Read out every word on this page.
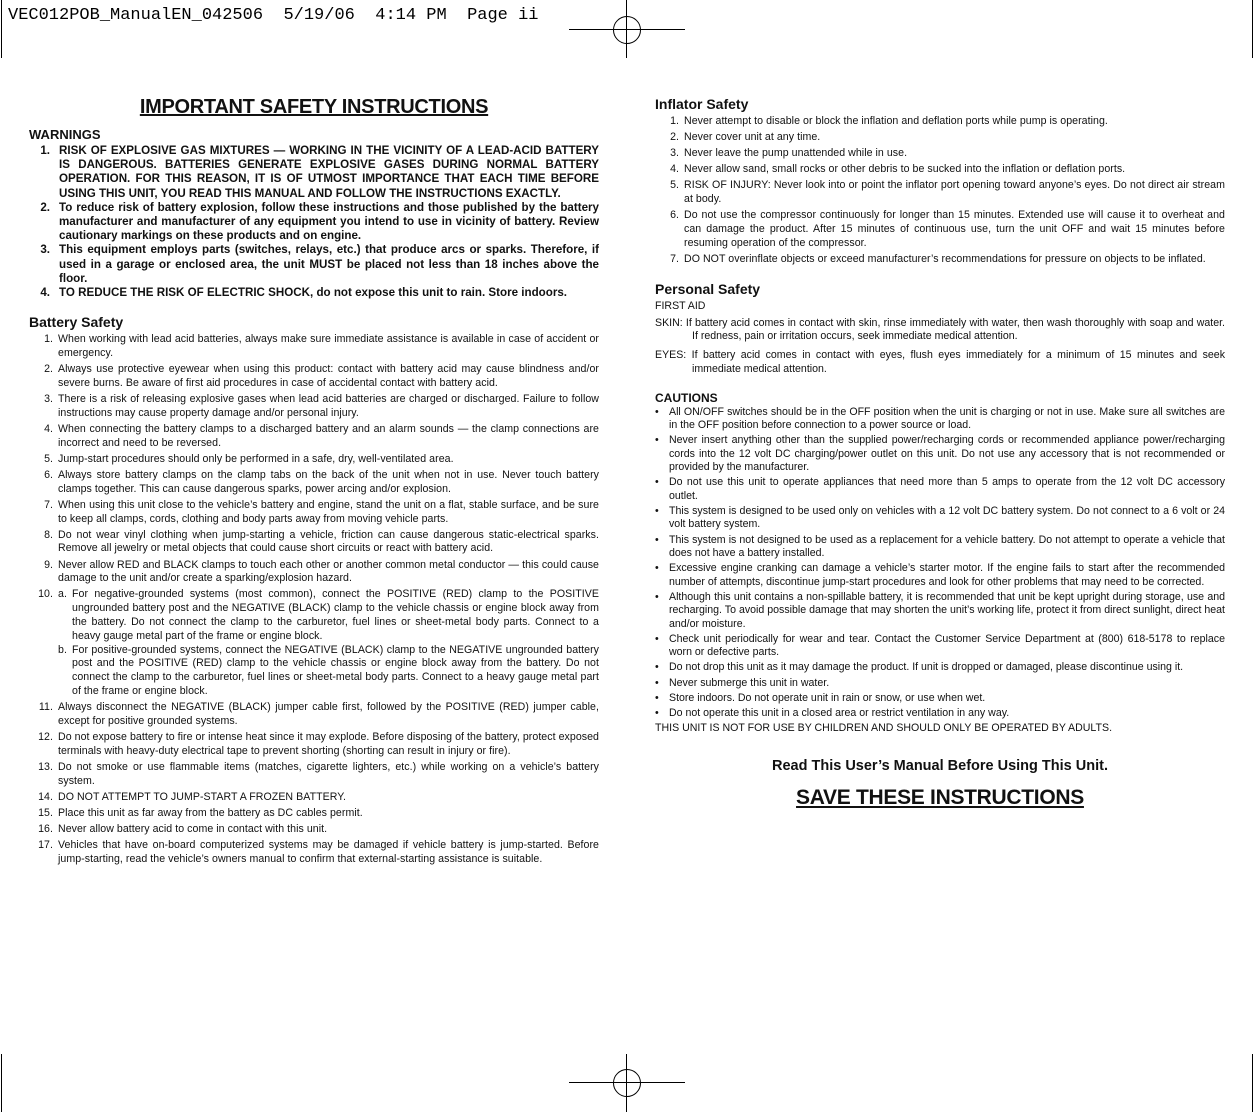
VEC012POB_ManualEN_042506  5/19/06  4:14 PM  Page ii
IMPORTANT SAFETY INSTRUCTIONS
WARNINGS
1. RISK OF EXPLOSIVE GAS MIXTURES — WORKING IN THE VICINITY OF A LEAD-ACID BATTERY IS DANGEROUS. BATTERIES GENERATE EXPLOSIVE GASES DURING NORMAL BATTERY OPERATION. FOR THIS REASON, IT IS OF UTMOST IMPORTANCE THAT EACH TIME BEFORE USING THIS UNIT, YOU READ THIS MANUAL AND FOLLOW THE INSTRUCTIONS EXACTLY.
2. To reduce risk of battery explosion, follow these instructions and those published by the battery manufacturer and manufacturer of any equipment you intend to use in vicinity of battery. Review cautionary markings on these products and on engine.
3. This equipment employs parts (switches, relays, etc.) that produce arcs or sparks. Therefore, if used in a garage or enclosed area, the unit MUST be placed not less than 18 inches above the floor.
4. TO REDUCE THE RISK OF ELECTRIC SHOCK, do not expose this unit to rain. Store indoors.
Battery Safety
1. When working with lead acid batteries, always make sure immediate assistance is available in case of accident or emergency.
2. Always use protective eyewear when using this product: contact with battery acid may cause blindness and/or severe burns. Be aware of first aid procedures in case of accidental contact with battery acid.
3. There is a risk of releasing explosive gases when lead acid batteries are charged or discharged. Failure to follow instructions may cause property damage and/or personal injury.
4. When connecting the battery clamps to a discharged battery and an alarm sounds — the clamp connections are incorrect and need to be reversed.
5. Jump-start procedures should only be performed in a safe, dry, well-ventilated area.
6. Always store battery clamps on the clamp tabs on the back of the unit when not in use. Never touch battery clamps together. This can cause dangerous sparks, power arcing and/or explosion.
7. When using this unit close to the vehicle’s battery and engine, stand the unit on a flat, stable surface, and be sure to keep all clamps, cords, clothing and body parts away from moving vehicle parts.
8. Do not wear vinyl clothing when jump-starting a vehicle, friction can cause dangerous static-electrical sparks. Remove all jewelry or metal objects that could cause short circuits or react with battery acid.
9. Never allow RED and BLACK clamps to touch each other or another common metal conductor — this could cause damage to the unit and/or create a sparking/explosion hazard.
10. a. For negative-grounded systems (most common), connect the POSITIVE (RED) clamp to the POSITIVE ungrounded battery post and the NEGATIVE (BLACK) clamp to the vehicle chassis or engine block away from the battery. Do not connect the clamp to the carburetor, fuel lines or sheet-metal body parts. Connect to a heavy gauge metal part of the frame or engine block.
b. For positive-grounded systems, connect the NEGATIVE (BLACK) clamp to the NEGATIVE ungrounded battery post and the POSITIVE (RED) clamp to the vehicle chassis or engine block away from the battery. Do not connect the clamp to the carburetor, fuel lines or sheet-metal body parts. Connect to a heavy gauge metal part of the frame or engine block.
11. Always disconnect the NEGATIVE (BLACK) jumper cable first, followed by the POSITIVE (RED) jumper cable, except for positive grounded systems.
12. Do not expose battery to fire or intense heat since it may explode. Before disposing of the battery, protect exposed terminals with heavy-duty electrical tape to prevent shorting (shorting can result in injury or fire).
13. Do not smoke or use flammable items (matches, cigarette lighters, etc.) while working on a vehicle’s battery system.
14. DO NOT ATTEMPT TO JUMP-START A FROZEN BATTERY.
15. Place this unit as far away from the battery as DC cables permit.
16. Never allow battery acid to come in contact with this unit.
17. Vehicles that have on-board computerized systems may be damaged if vehicle battery is jump-started. Before jump-starting, read the vehicle’s owners manual to confirm that external-starting assistance is suitable.
Inflator Safety
1. Never attempt to disable or block the inflation and deflation ports while pump is operating.
2. Never cover unit at any time.
3. Never leave the pump unattended while in use.
4. Never allow sand, small rocks or other debris to be sucked into the inflation or deflation ports.
5. RISK OF INJURY: Never look into or point the inflator port opening toward anyone’s eyes. Do not direct air stream at body.
6. Do not use the compressor continuously for longer than 15 minutes. Extended use will cause it to overheat and can damage the product. After 15 minutes of continuous use, turn the unit OFF and wait 15 minutes before resuming operation of the compressor.
7. DO NOT overinflate objects or exceed manufacturer’s recommendations for pressure on objects to be inflated.
Personal Safety
FIRST AID
SKIN: If battery acid comes in contact with skin, rinse immediately with water, then wash thoroughly with soap and water. If redness, pain or irritation occurs, seek immediate medical attention.
EYES: If battery acid comes in contact with eyes, flush eyes immediately for a minimum of 15 minutes and seek immediate medical attention.
CAUTIONS
• All ON/OFF switches should be in the OFF position when the unit is charging or not in use. Make sure all switches are in the OFF position before connection to a power source or load.
• Never insert anything other than the supplied power/recharging cords or recommended appliance power/recharging cords into the 12 volt DC charging/power outlet on this unit. Do not use any accessory that is not recommended or provided by the manufacturer.
• Do not use this unit to operate appliances that need more than 5 amps to operate from the 12 volt DC accessory outlet.
• This system is designed to be used only on vehicles with a 12 volt DC battery system. Do not connect to a 6 volt or 24 volt battery system.
• This system is not designed to be used as a replacement for a vehicle battery. Do not attempt to operate a vehicle that does not have a battery installed.
• Excessive engine cranking can damage a vehicle’s starter motor. If the engine fails to start after the recommended number of attempts, discontinue jump-start procedures and look for other problems that may need to be corrected.
• Although this unit contains a non-spillable battery, it is recommended that unit be kept upright during storage, use and recharging. To avoid possible damage that may shorten the unit’s working life, protect it from direct sunlight, direct heat and/or moisture.
• Check unit periodically for wear and tear. Contact the Customer Service Department at (800) 618-5178 to replace worn or defective parts.
• Do not drop this unit as it may damage the product. If unit is dropped or damaged, please discontinue using it.
• Never submerge this unit in water.
• Store indoors. Do not operate unit in rain or snow, or use when wet.
• Do not operate this unit in a closed area or restrict ventilation in any way.
THIS UNIT IS NOT FOR USE BY CHILDREN AND SHOULD ONLY BE OPERATED BY ADULTS.
Read This User’s Manual Before Using This Unit.
SAVE THESE INSTRUCTIONS
